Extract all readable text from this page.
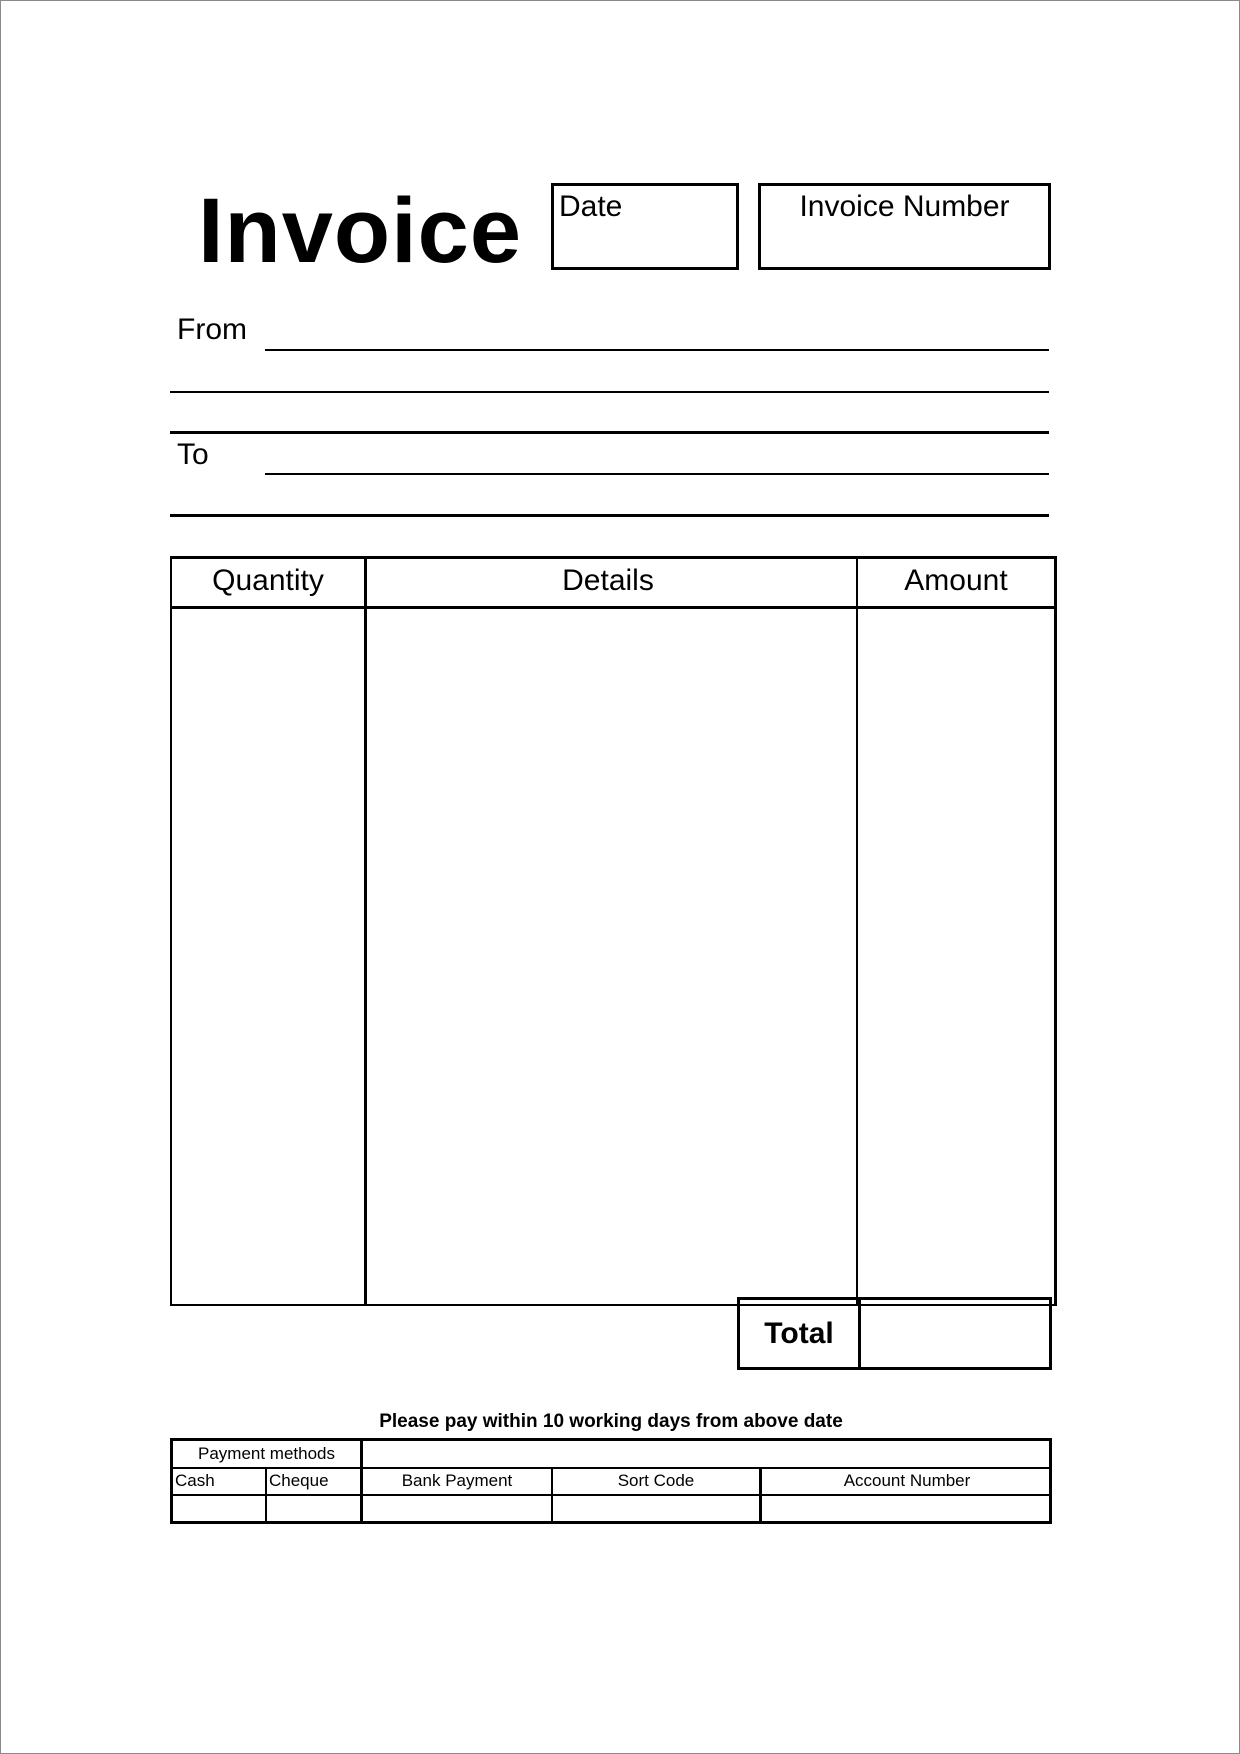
Invoice Date	Invoice Number
From
To
Quantity	Details	Amount
Total
Please pay within 10 working days from above date
Payment methods
Cash	Cheque	Bank Payment	Sort Code	Account Number
